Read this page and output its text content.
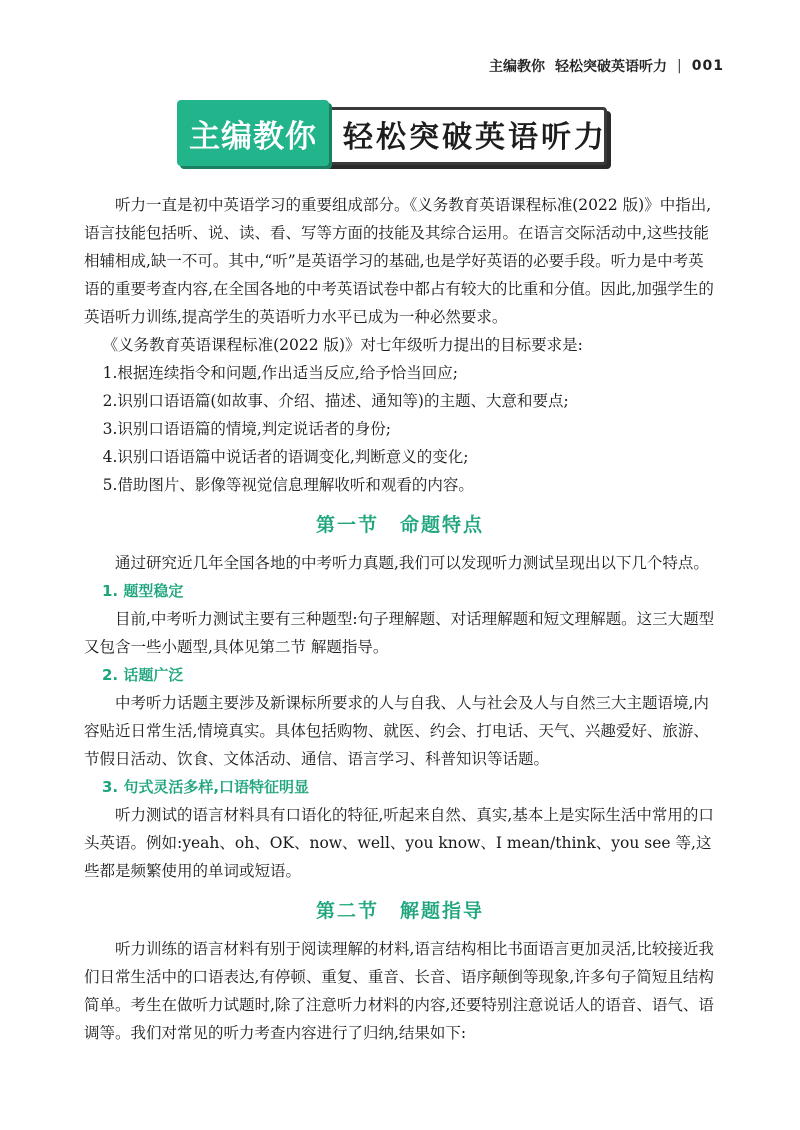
主编教你 轻松突破英语听力 | 001
主编教你 轻松突破英语听力

听力一直是初中英语学习的重要组成部分。《义务教育英语课程标准(2022 版)》中指出,语言技能包括听、说、读、看、写等方面的技能及其综合运用。在语言交际活动中,这些技能相辅相成,缺一不可。其中,“听”是英语学习的基础,也是学好英语的必要手段。听力是中考英语的重要考查内容,在全国各地的中考英语试卷中都占有较大的比重和分值。因此,加强学生的英语听力训练,提高学生的英语听力水平已成为一种必然要求。

《义务教育英语课程标准(2022 版)》对七年级听力提出的目标要求是:

1.根据连续指令和问题,作出适当反应,给予恰当回应;

2.识别口语语篇(如故事、介绍、描述、通知等)的主题、大意和要点;

3.识别口语语篇的情境,判定说话者的身份;

4.识别口语语篇中说话者的语调变化,判断意义的变化;

5.借助图片、影像等视觉信息理解收听和观看的内容。

第一节　命题特点

通过研究近几年全国各地的中考听力真题,我们可以发现听力测试呈现出以下几个特点。

1. 题型稳定

目前,中考听力测试主要有三种题型:句子理解题、对话理解题和短文理解题。这三大题型又包含一些小题型,具体见第二节 解题指导。

2. 话题广泛

中考听力话题主要涉及新课标所要求的人与自我、人与社会及人与自然三大主题语境,内容贴近日常生活,情境真实。具体包括购物、就医、约会、打电话、天气、兴趣爱好、旅游、节假日活动、饮食、文体活动、通信、语言学习、科普知识等话题。

3. 句式灵活多样,口语特征明显

听力测试的语言材料具有口语化的特征,听起来自然、真实,基本上是实际生活中常用的口头英语。例如:yeah、oh、OK、now、well、you know、I mean/think、you see 等,这些都是频繁使用的单词或短语。

第二节　解题指导

听力训练的语言材料有别于阅读理解的材料,语言结构相比书面语言更加灵活,比较接近我们日常生活中的口语表达,有停顿、重复、重音、长音、语序颠倒等现象,许多句子简短且结构简单。考生在做听力试题时,除了注意听力材料的内容,还要特别注意说话人的语音、语气、语调等。我们对常见的听力考查内容进行了归纳,结果如下:
